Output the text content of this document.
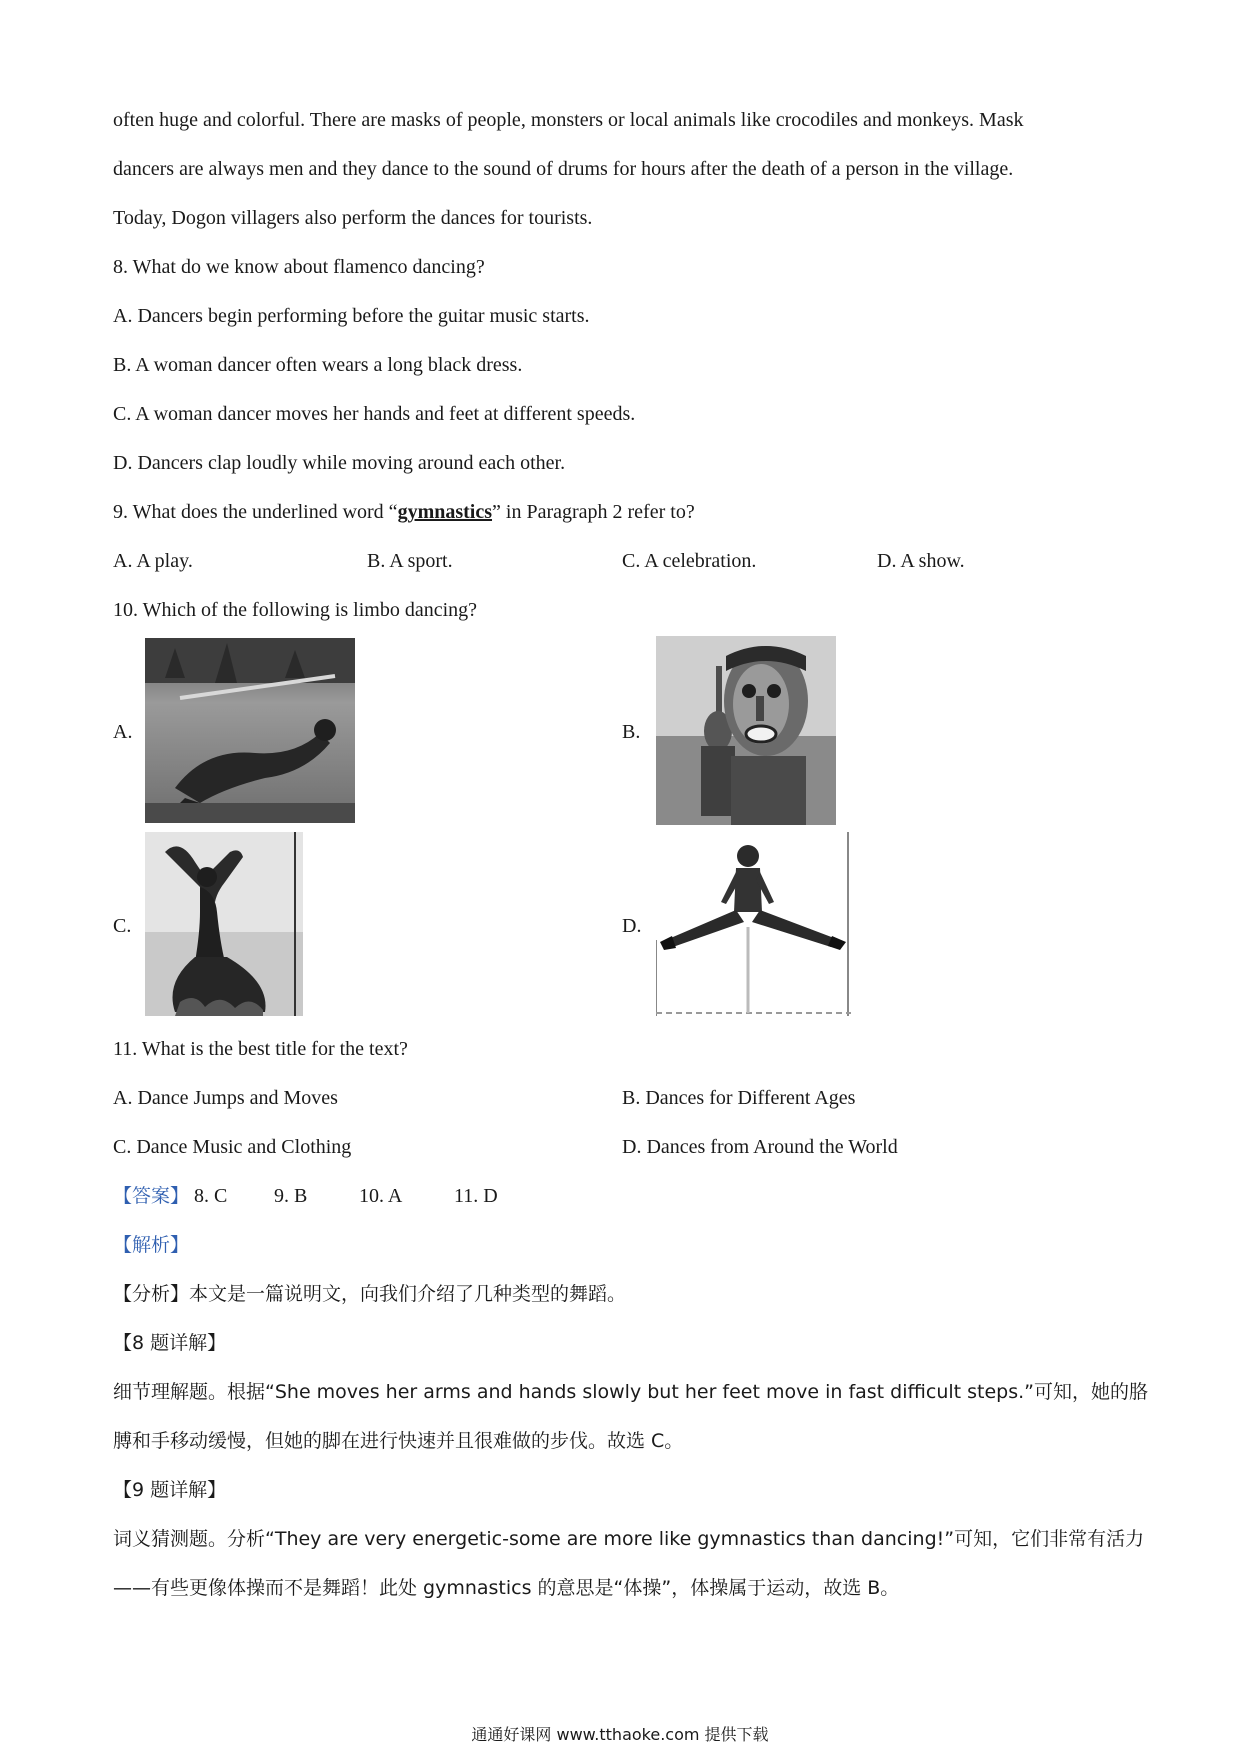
often huge and colorful. There are masks of people, monsters or local animals like crocodiles and monkeys. Mask
dancers are always men and they dance to the sound of drums for hours after the death of a person in the village.
Today, Dogon villagers also perform the dances for tourists.
8. What do we know about flamenco dancing?
A. Dancers begin performing before the guitar music starts.
B. A woman dancer often wears a long black dress.
C. A woman dancer moves her hands and feet at different speeds.
D. Dancers clap loudly while moving around each other.
9. What does the underlined word “gymnastics” in Paragraph 2 refer to?
A. A play.	B. A sport.	C. A celebration.	D. A show.
10. Which of the following is limbo dancing?
A.	B.
C.	D.
11. What is the best title for the text?
A. Dance Jumps and Moves	B. Dances for Different Ages
C. Dance Music and Clothing	D. Dances from Around the World
【答案】 8. C 9. B	10. A	11. D
【解析】
【分析】本文是一篇说明文，向我们介绍了几种类型的舞蹈。
【8 题详解】
细节理解题。根据“She moves her arms and hands slowly but her feet move in fast difficult steps.”可知，她的胳
膊和手移动缓慢，但她的脚在进行快速并且很难做的步伐。故选 C。
【9 题详解】
词义猜测题。分析“They are very energetic-some are more like gymnastics than dancing!”可知，它们非常有活力
——有些更像体操而不是舞蹈！此处 gymnastics 的意思是“体操”，体操属于运动，故选 B。
通通好课网 www.tthaoke.com 提供下载
